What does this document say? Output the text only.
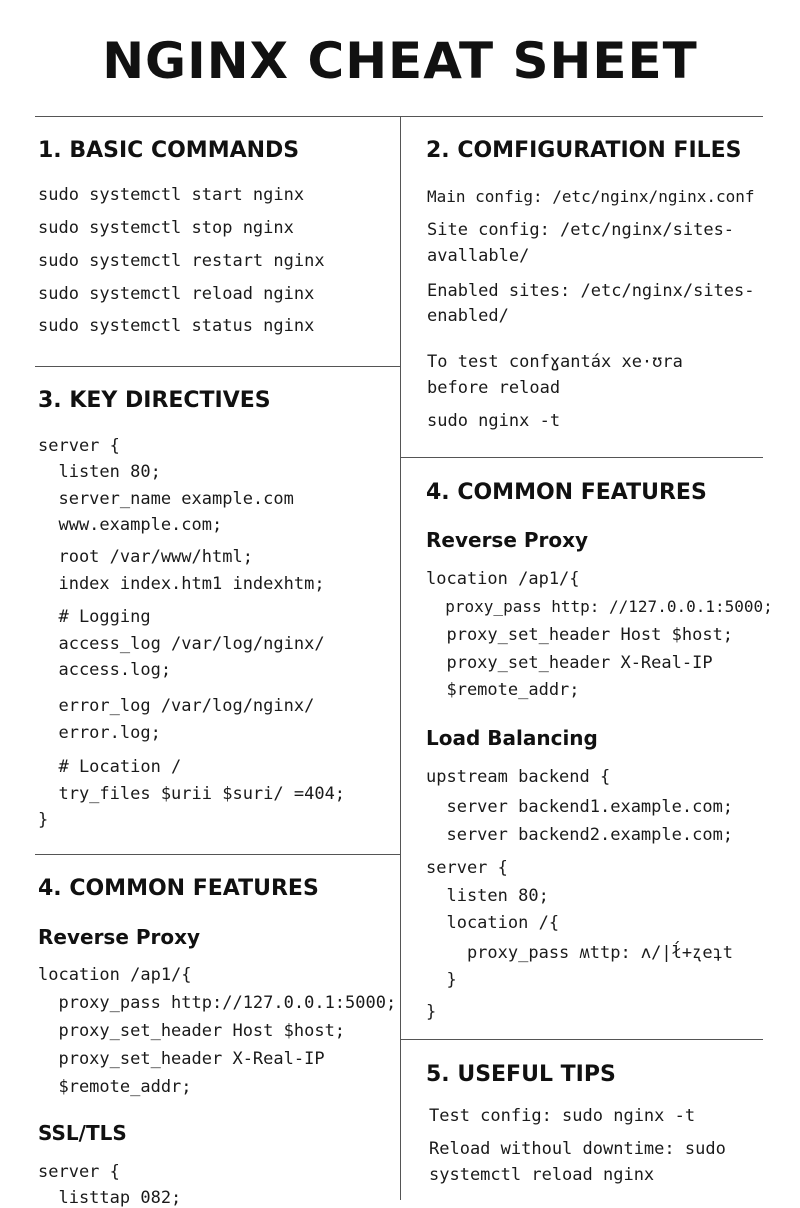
NGINX CHEAT SHEET
1. BASIC COMMANDS
sudo systemctl start nginx
sudo systemctl stop nginx
sudo systemctl restart nginx
sudo systemctl reload nginx
sudo systemctl status nginx
3. KEY DIRECTIVES
server {
listen 80;
server_name example.com
www.example.com;
root /var/www/html;
index index.htm1 indexhtm;
# Logging
access_log /var/log/nginx/
access.log;
error_log /var/log/nginx/
error.log;
# Location /
try_files $urii $suri/ =404;
}
4. COMMON FEATURES
Reverse Proxy
location /ap1/{
proxy_pass http://127.0.0.1:5000;
proxy_set_header Host $host;
proxy_set_header X-Real-IP
$remote_addr;
SSL/TLS
server {
listtap 082;
2. COMFIGURATION FILES
Main config: /etc/nginx/nginx.conf
Site config: /etc/nginx/sites-
avallable/
Enabled sites: /etc/nginx/sites-
enabled/
To test confɣantáx xe·ʊra
before reload
sudo nginx -t
4. COMMON FEATURES
Reverse Proxy
location /ap1/{
proxy_pass http: //127.0.0.1:5000;
proxy_set_header Host $host;
proxy_set_header X-Real-IP
$remote_addr;
Load Balancing
upstream backend {
server backend1.example.com;
server backend2.example.com;
server {
listen 80;
location /{
proxy_pass ʍttp: ʌ/|ł́+ʐeʇt
}
}
5. USEFUL TIPS
Test config: sudo nginx -t
Reload withoul downtime: sudo
systemctl reload nginx
